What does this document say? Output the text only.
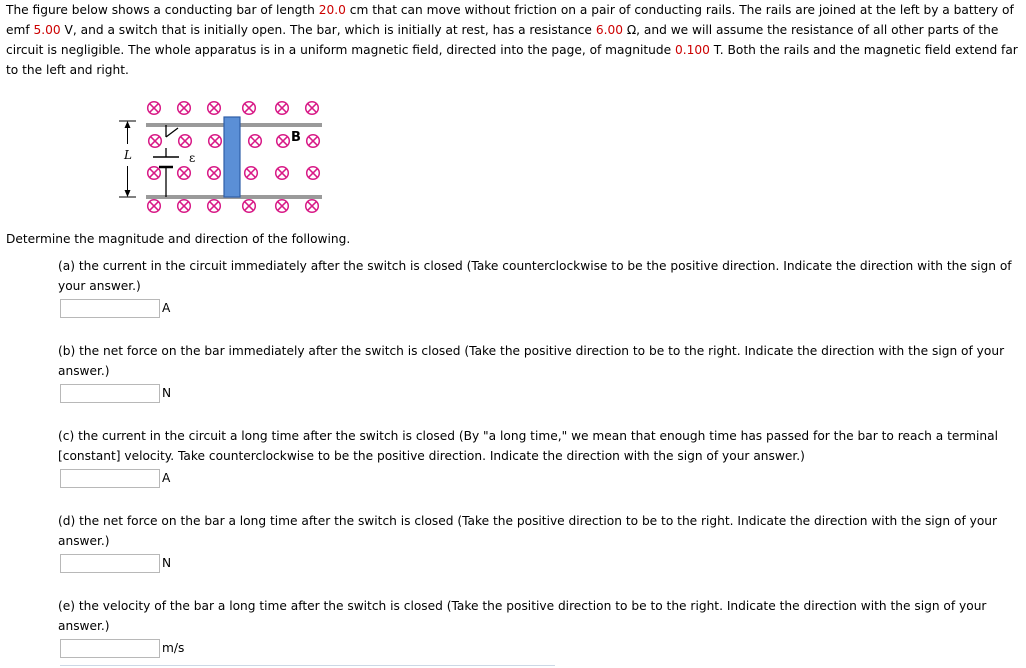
The figure below shows a conducting bar of length 20.0 cm that can move without friction on a pair of conducting rails. The rails are joined at the left by a battery of emf 5.00 V, and a switch that is initially open. The bar, which is initially at rest, has a resistance 6.00 Ω, and we will assume the resistance of all other parts of the circuit is negligible. The whole apparatus is in a uniform magnetic field, directed into the page, of magnitude 0.100 T. Both the rails and the magnetic field extend far to the left and right.

ε
L
B

Determine the magnitude and direction of the following.

(a) the current in the circuit immediately after the switch is closed (Take counterclockwise to be the positive direction. Indicate the direction with the sign of your answer.)

A

(b) the net force on the bar immediately after the switch is closed (Take the positive direction to be to the right. Indicate the direction with the sign of your answer.)

N

(c) the current in the circuit a long time after the switch is closed (By "a long time," we mean that enough time has passed for the bar to reach a terminal [constant] velocity. Take counterclockwise to be the positive direction. Indicate the direction with the sign of your answer.)

A

(d) the net force on the bar a long time after the switch is closed (Take the positive direction to be to the right. Indicate the direction with the sign of your answer.)

N

(e) the velocity of the bar a long time after the switch is closed (Take the positive direction to be to the right. Indicate the direction with the sign of your answer.)

m/s
